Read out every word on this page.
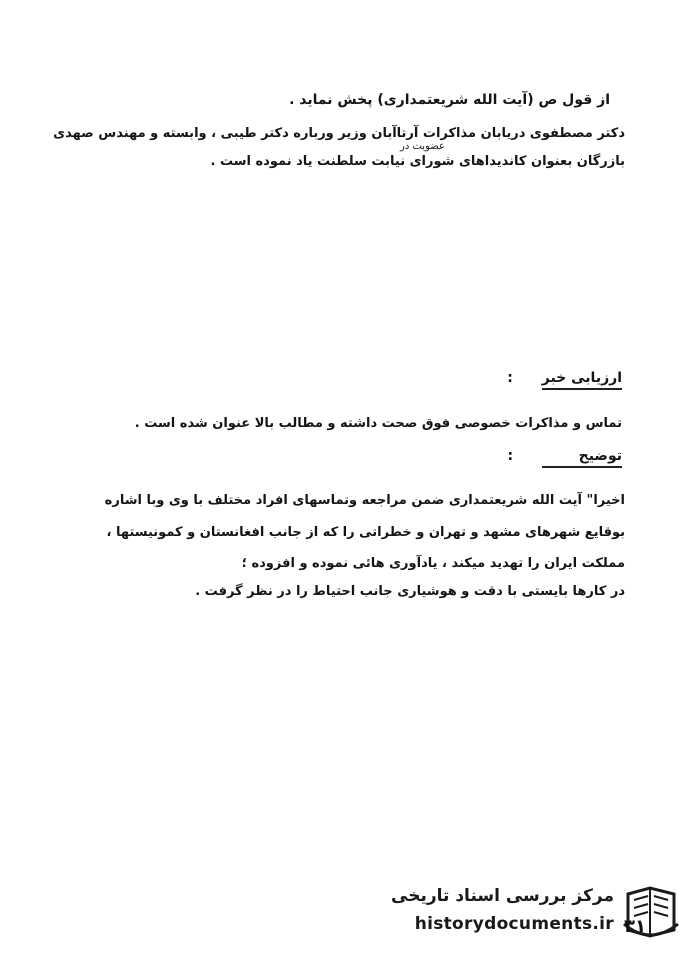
از قول ص (آیت الله شریعتمداری) پخش نماید .
دکتر مصطفوی دریابان مذاکرات آرتاآبان وزیر ورباره دکتر طیبی ، وابسته و مهندس صهدی
عضویت در
بازرگان بعنوان کاندیداهای شورای نیابت سلطنت یاد نموده است .
ارزیابی خبر :
تماس و مذاکرات خصوصی فوق صحت داشته و مطالب بالا عنوان شده است .
توضیح :
اخیرا" آیت الله شریعتمداری ضمن مراجعه وتماسهای افراد مختلف با وی وبا اشاره
بوقایع شهرهای مشهد و تهران و خطراتی را که از جانب افغانستان و کمونیستها ،
مملکت ایران را تهدید میکند ، یادآوری هائی نموده و افزوده ؛
در کارها بایستی با دقت و هوشیاری جانب احتیاط را در نظر گرفت .
مرکز بررسی اسناد تاریخی
historydocuments.ir ۳۱
